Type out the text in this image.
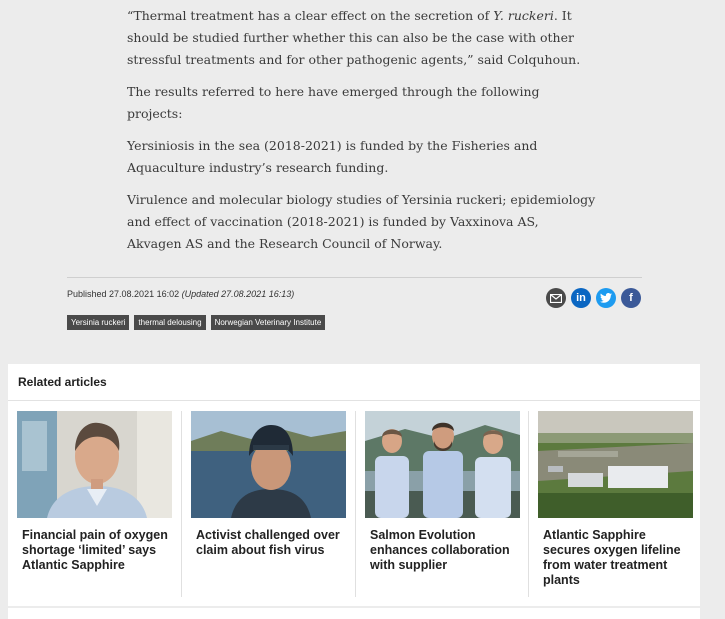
“Thermal treatment has a clear effect on the secretion of Y. ruckeri. It should be studied further whether this can also be the case with other stressful treatments and for other pathogenic agents,” said Colquhoun.

The results referred to here have emerged through the following projects:

Yersiniosis in the sea (2018-2021) is funded by the Fisheries and Aquaculture industry’s research funding.

Virulence and molecular biology studies of Yersinia ruckeri; epidemiology and effect of vaccination (2018-2021) is funded by Vaxxinova AS, Akvagen AS and the Research Council of Norway.

Published 27.08.2021 16:02 (Updated 27.08.2021 16:13)	in	f
Yersinia ruckeri	thermal delousing	Norwegian Veterinary Institute
Related articles
Financial pain of oxygen shortage ‘limited’ says Atlantic Sapphire
Activist challenged over claim about fish virus
Salmon Evolution enhances collaboration with supplier
Atlantic Sapphire secures oxygen lifeline from water treatment plants
